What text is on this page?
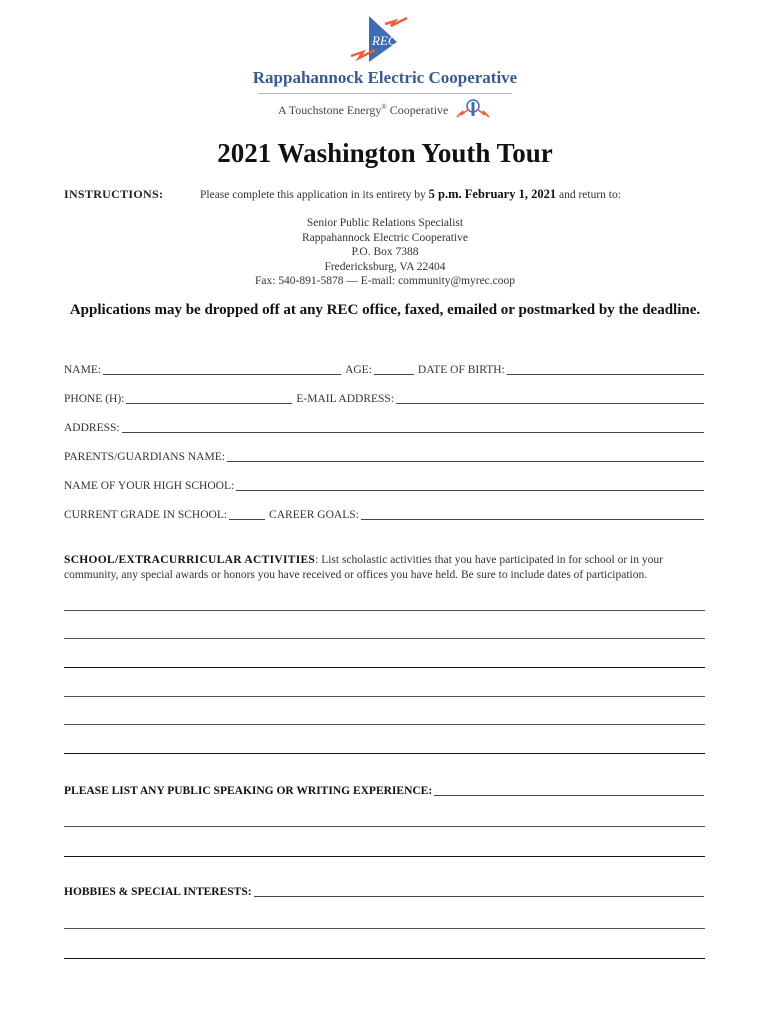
REC
Rappahannock Electric Cooperative
A Touchstone Energy® Cooperative
2021 Washington Youth Tour
INSTRUCTIONS:	Please complete this application in its entirety by 5 p.m. February 1, 2021 and return to:
Senior Public Relations Specialist
Rappahannock Electric Cooperative
P.O. Box 7388
Fredericksburg, VA 22404
Fax: 540-891-5878 — E-mail: community@myrec.coop
Applications may be dropped off at any REC office, faxed, emailed or postmarked by the deadline.
NAME:	AGE:	DATE OF BIRTH:
PHONE (H):	E-MAIL ADDRESS:
ADDRESS:
PARENTS/GUARDIANS NAME:
NAME OF YOUR HIGH SCHOOL:
CURRENT GRADE IN SCHOOL:	CAREER GOALS:
SCHOOL/EXTRACURRICULAR ACTIVITIES: List scholastic activities that you have participated in for school or in your community, any special awards or honors you have received or offices you have held. Be sure to include dates of participation.
PLEASE LIST ANY PUBLIC SPEAKING OR WRITING EXPERIENCE:
HOBBIES & SPECIAL INTERESTS:
